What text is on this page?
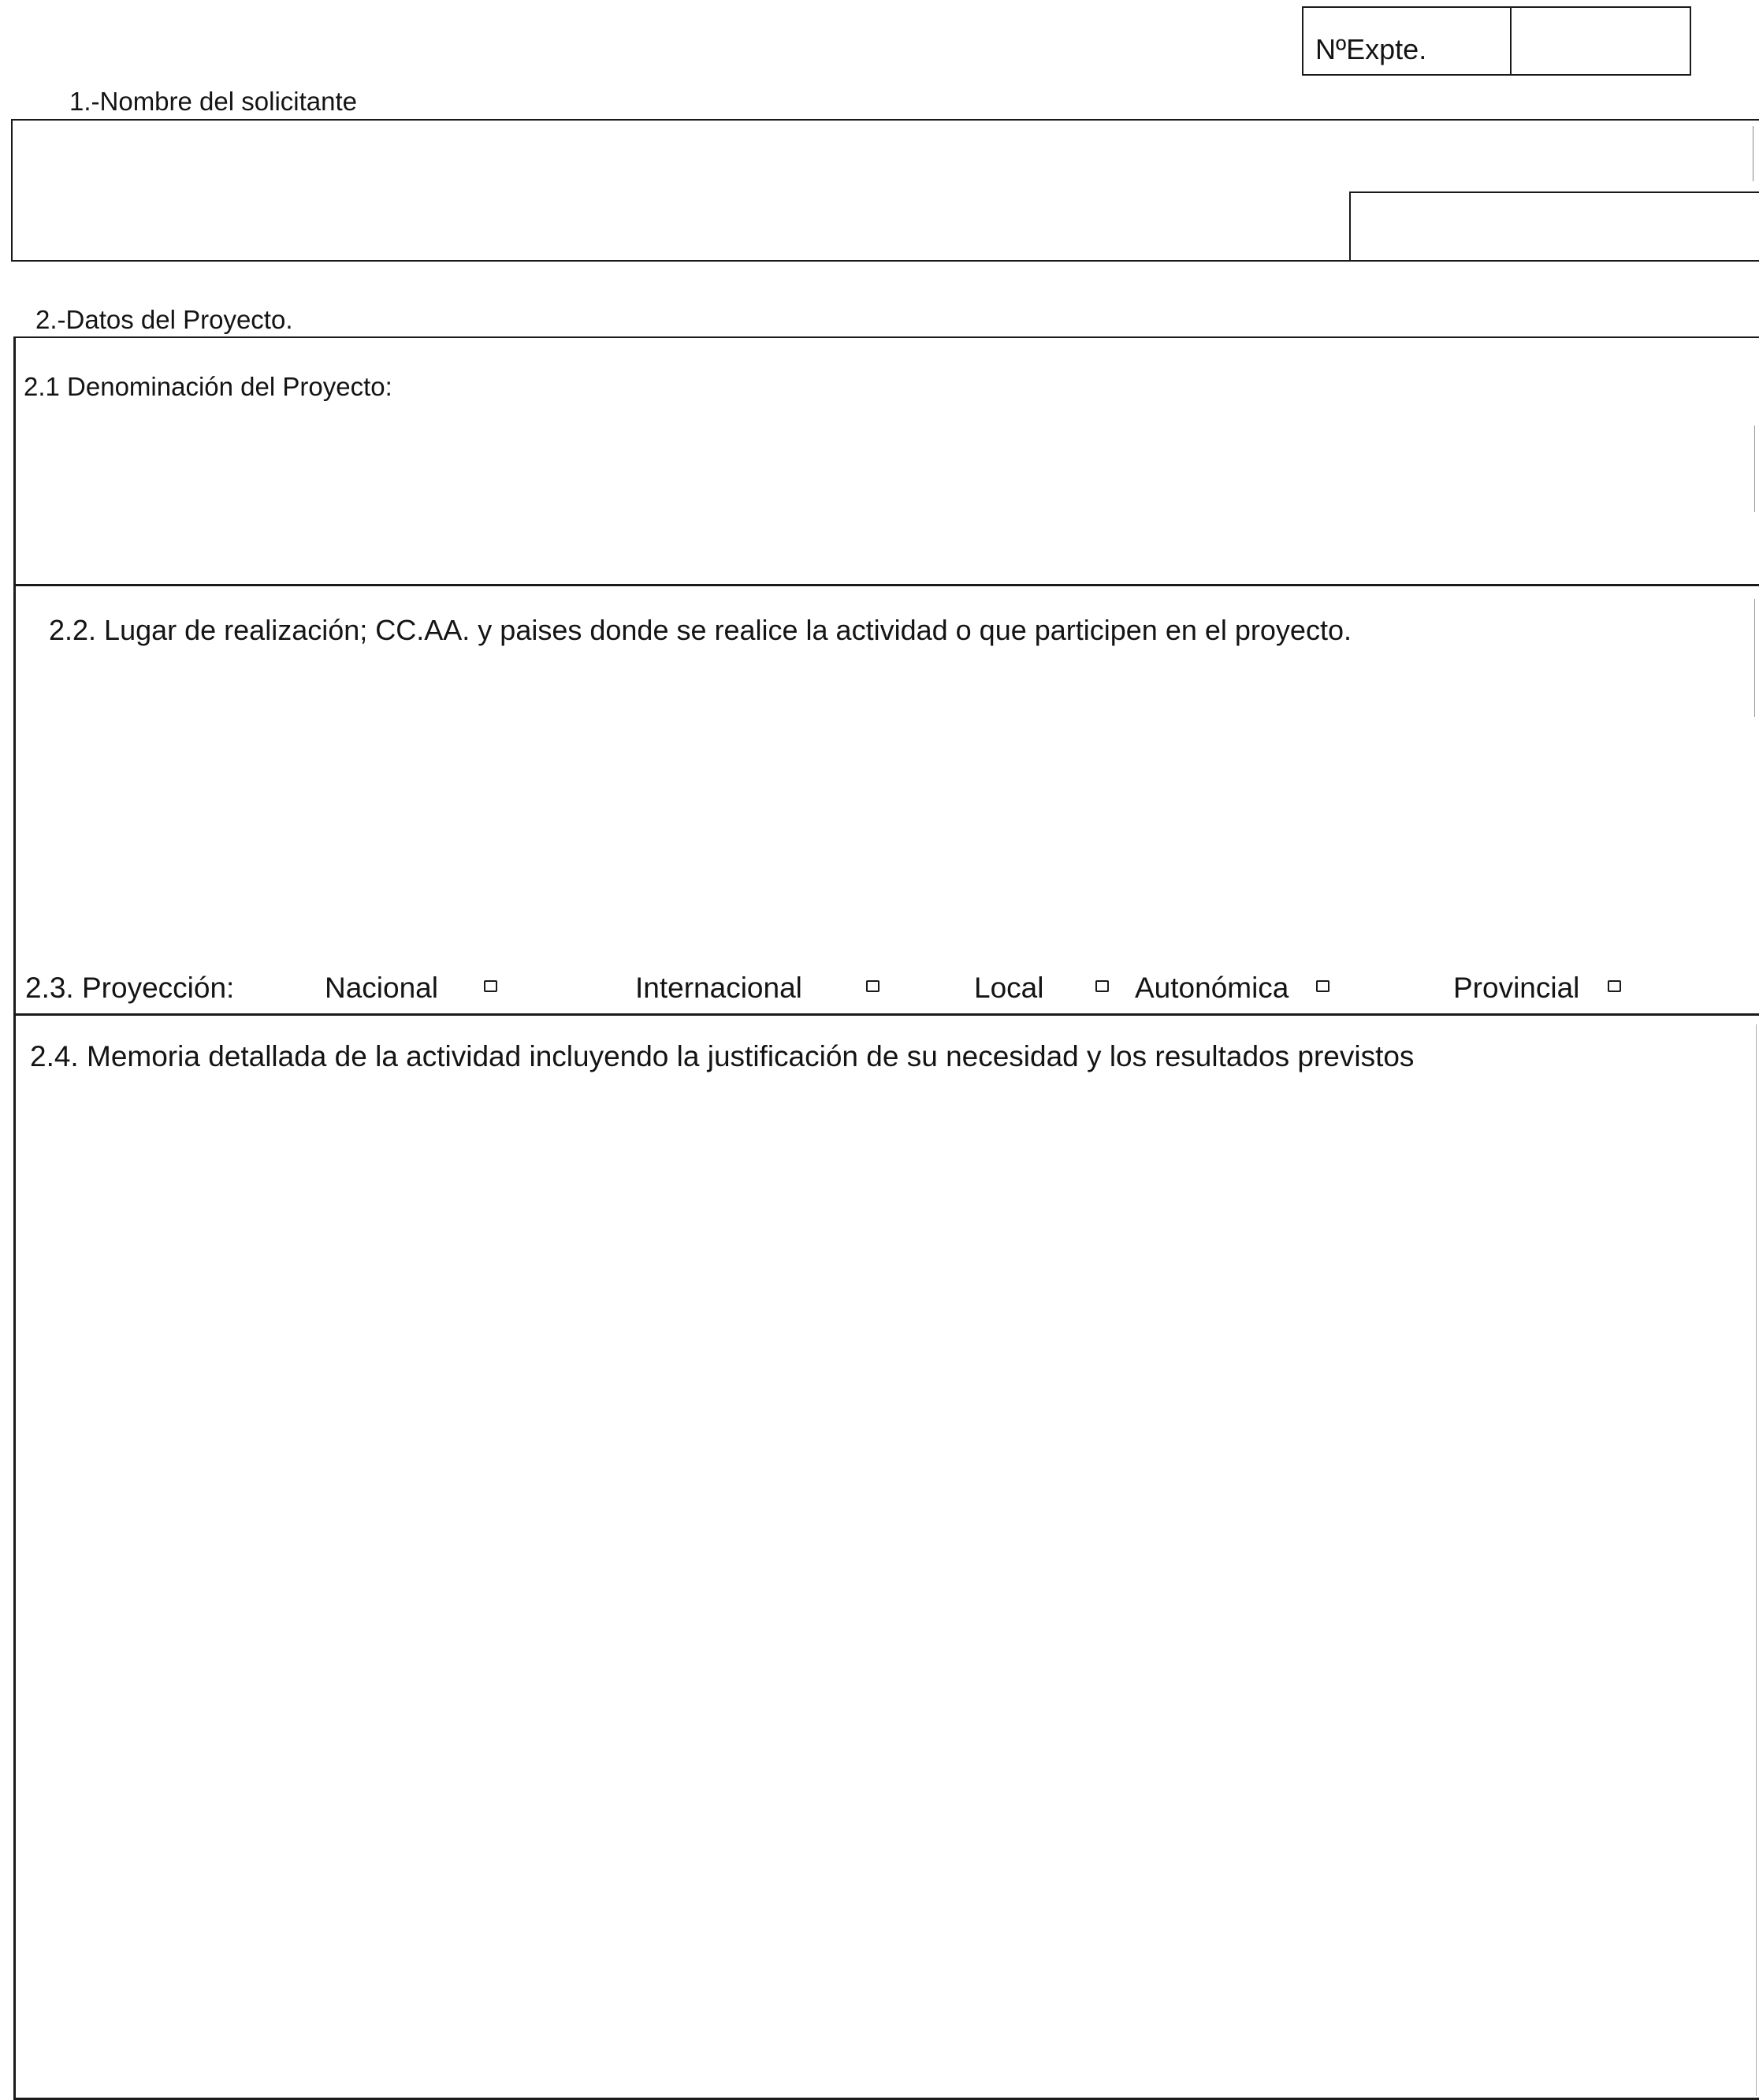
NºExpte.
1.-Nombre del solicitante
2.-Datos del Proyecto.
2.1 Denominación del Proyecto:
2.2. Lugar de realización; CC.AA. y paises donde se realice la actividad o que participen en el proyecto.
2.3. Proyección:	Nacional	Internacional	Local	Autonómica	Provincial
2.4. Memoria detallada de la actividad incluyendo la justificación de su necesidad y los resultados previstos
